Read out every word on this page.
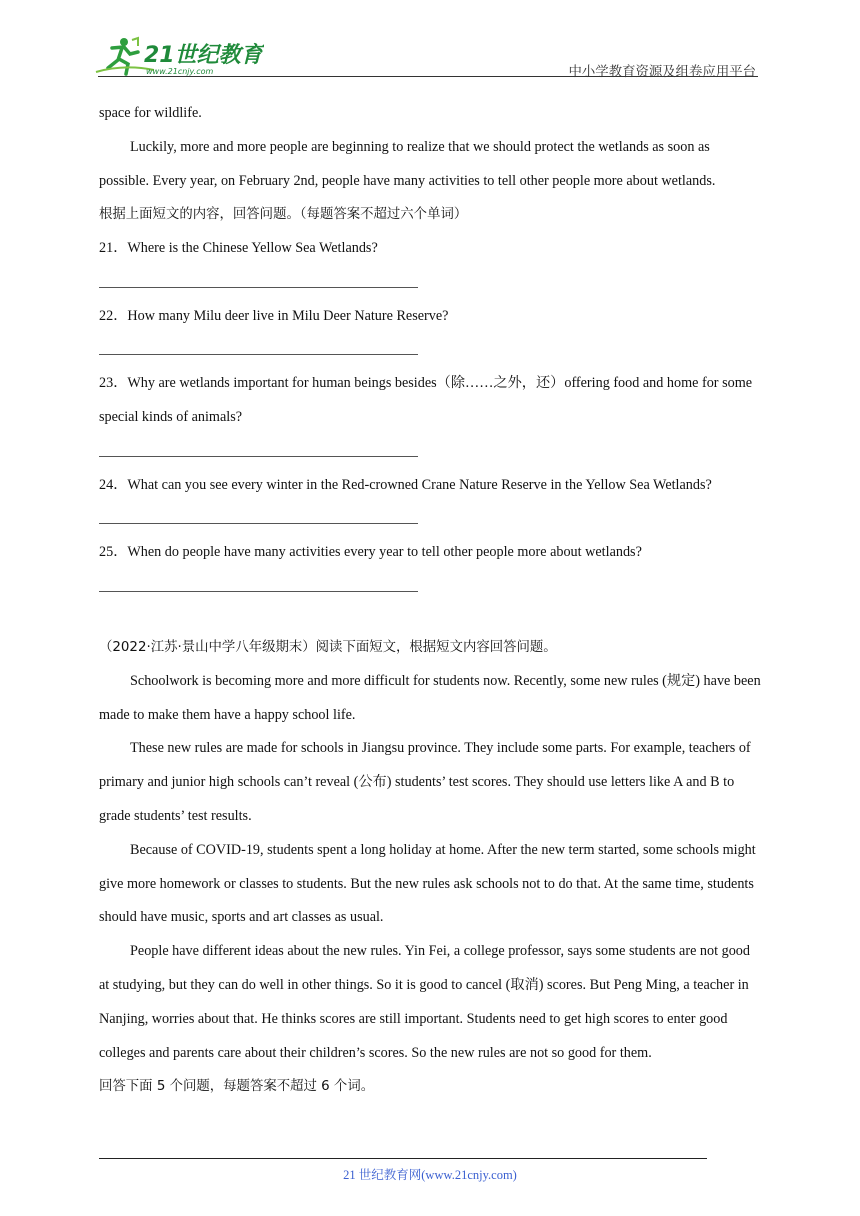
21世纪教育
www.21cnjy.com	中小学教育资源及组卷应用平台

space for wildlife.

Luckily, more and more people are beginning to realize that we should protect the wetlands as soon as possible. Every year, on February 2nd, people have many activities to tell other people more about wetlands.

根据上面短文的内容，回答问题。（每题答案不超过六个单词）

21．Where is the Chinese Yellow Sea Wetlands?

22．How many Milu deer live in Milu Deer Nature Reserve?

23．Why are wetlands important for human beings besides（除……之外，还）offering food and home for some special kinds of animals?

24．What can you see every winter in the Red-crowned Crane Nature Reserve in the Yellow Sea Wetlands?

25．When do people have many activities every year to tell other people more about wetlands?

（2022·江苏·景山中学八年级期末）阅读下面短文，根据短文内容回答问题。

Schoolwork is becoming more and more difficult for students now. Recently, some new rules (规定) have been made to make them have a happy school life.

These new rules are made for schools in Jiangsu province. They include some parts. For example, teachers of primary and junior high schools can’t reveal (公布) students’ test scores. They should use letters like A and B to grade students’ test results.

Because of COVID-19, students spent a long holiday at home. After the new term started, some schools might give more homework or classes to students. But the new rules ask schools not to do that. At the same time, students should have music, sports and art classes as usual.

People have different ideas about the new rules. Yin Fei, a college professor, says some students are not good at studying, but they can do well in other things. So it is good to cancel (取消) scores. But Peng Ming, a teacher in Nanjing, worries about that. He thinks scores are still important. Students need to get high scores to enter good colleges and parents care about their children’s scores. So the new rules are not so good for them.

回答下面 5 个问题，每题答案不超过 6 个词。

21 世纪教育网(www.21cnjy.com)
